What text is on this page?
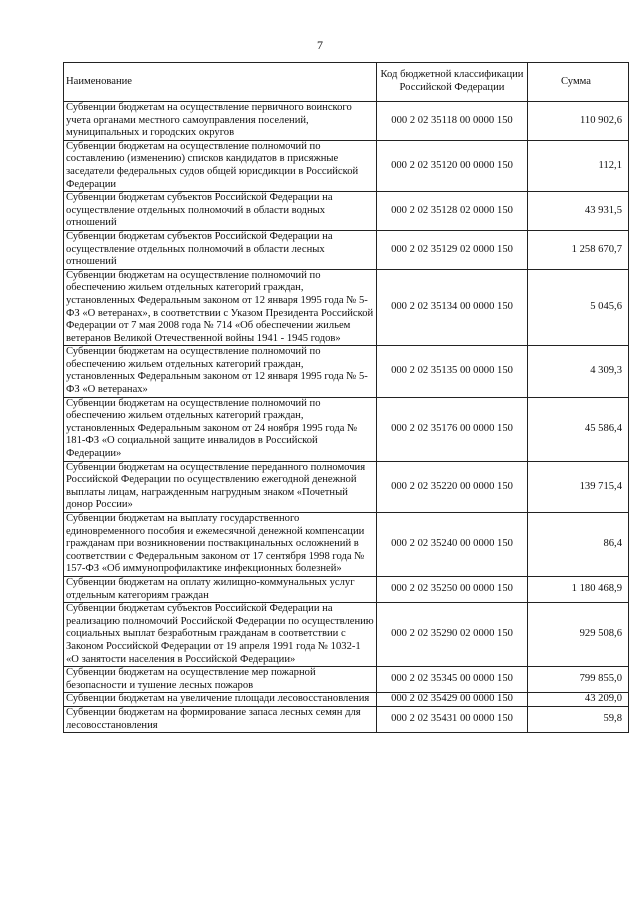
7
Наименование	Код бюджетной классификации Российской Федерации	Сумма
Субвенции бюджетам на осуществление первичного воинского учета органами местного самоуправления поселений, муниципальных и городских округов	000 2 02 35118 00 0000 150	110 902,6
Субвенции бюджетам на осуществление полномочий по составлению (изменению) списков кандидатов в присяжные заседатели федеральных судов общей юрисдикции в Российской Федерации	000 2 02 35120 00 0000 150	112,1
Субвенции бюджетам субъектов Российской Федерации на осуществление отдельных полномочий в области водных отношений	000 2 02 35128 02 0000 150	43 931,5
Субвенции бюджетам субъектов Российской Федерации на осуществление отдельных полномочий в области лесных отношений	000 2 02 35129 02 0000 150	1 258 670,7
Субвенции бюджетам на осуществление полномочий по обеспечению жильем отдельных категорий граждан, установленных Федеральным законом от 12 января 1995 года № 5-ФЗ «О ветеранах», в соответствии с Указом Президента Российской Федерации от 7 мая 2008 года № 714 «Об обеспечении жильем ветеранов Великой Отечественной войны 1941 - 1945 годов»	000 2 02 35134 00 0000 150	5 045,6
Субвенции бюджетам на осуществление полномочий по обеспечению жильем отдельных категорий граждан, установленных Федеральным законом от 12 января 1995 года № 5-ФЗ «О ветеранах»	000 2 02 35135 00 0000 150	4 309,3
Субвенции бюджетам на осуществление полномочий по обеспечению жильем отдельных категорий граждан, установленных Федеральным законом от 24 ноября 1995 года № 181-ФЗ «О социальной защите инвалидов в Российской Федерации»	000 2 02 35176 00 0000 150	45 586,4
Субвенции бюджетам на осуществление переданного полномочия Российской Федерации по осуществлению ежегодной денежной выплаты лицам, награжденным нагрудным знаком «Почетный донор России»	000 2 02 35220 00 0000 150	139 715,4
Субвенции бюджетам на выплату государственного единовременного пособия и ежемесячной денежной компенсации гражданам при возникновении поствакцинальных осложнений в соответствии с Федеральным законом от 17 сентября 1998 года № 157-ФЗ «Об иммунопрофилактике инфекционных болезней»	000 2 02 35240 00 0000 150	86,4
Субвенции бюджетам на оплату жилищно-коммунальных услуг отдельным категориям граждан	000 2 02 35250 00 0000 150	1 180 468,9
Субвенции бюджетам субъектов Российской Федерации на реализацию полномочий Российской Федерации по осуществлению социальных выплат безработным гражданам в соответствии с Законом Российской Федерации от 19 апреля 1991 года № 1032-1 «О занятости населения в Российской Федерации»	000 2 02 35290 02 0000 150	929 508,6
Субвенции бюджетам на осуществление мер пожарной безопасности и тушение лесных пожаров	000 2 02 35345 00 0000 150	799 855,0
Субвенции бюджетам на увеличение площади лесовосстановления	000 2 02 35429 00 0000 150	43 209,0
Субвенции бюджетам на формирование запаса лесных семян для лесовосстановления	000 2 02 35431 00 0000 150	59,8
